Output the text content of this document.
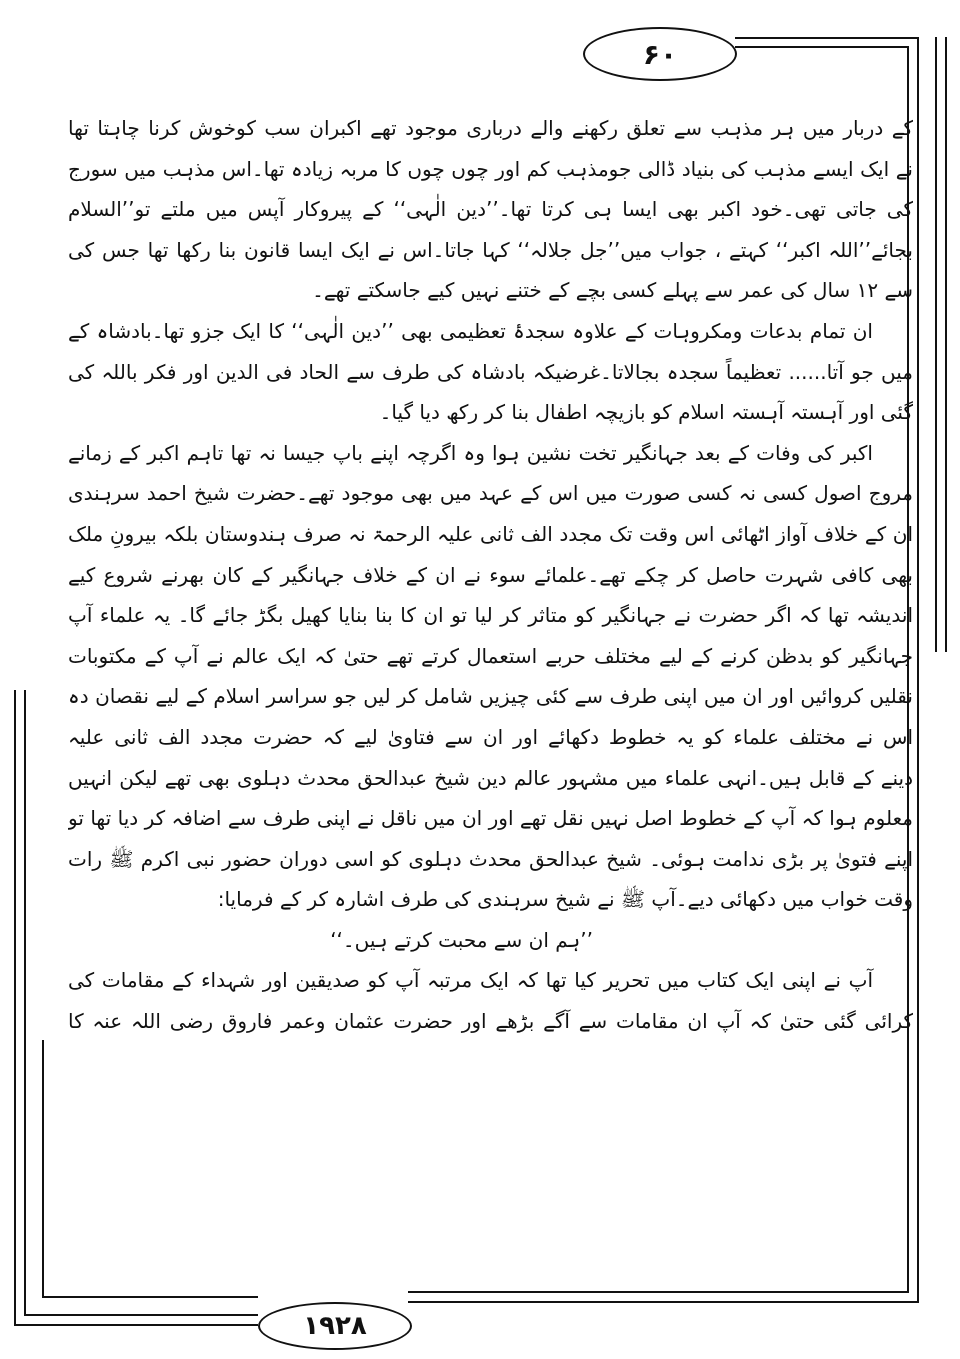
۶۰
۱۹۲۸
کے دربار میں ہر مذہب سے تعلق رکھنے والے درباری موجود تھے اکبران سب کوخوش کرنا چاہتا تھا
نے ایک ایسے مذہب کی بنیاد ڈالی جومذہب کم اور چوں چوں کا مربہ زیادہ تھا۔اس مذہب میں سورج
کی جاتی تھی۔خود اکبر بھی ایسا ہی کرتا تھا۔’’دین الٰہی‘‘ کے پیروکار آپس میں ملتے تو’’السلام
بجائے’’اللہ اکبر‘‘ کہتے ، جواب میں’’جل جلالہ‘‘ کہا جاتا۔اس نے ایک ایسا قانون بنا رکھا تھا جس کی
سے ۱۲ سال کی عمر سے پہلے کسی بچے کے ختنے نہیں کیے جاسکتے تھے۔
ان تمام بدعات ومکروہات کے علاوہ سجدۂ تعظیمی بھی ’’دین الٰہی‘‘ کا ایک جزو تھا۔بادشاہ کے
میں جو آتا...... تعظیماً سجدہ بجالاتا۔غرضیکہ بادشاہ کی طرف سے الحاد فی الدین اور فکر باللہ کی
گئی اور آہستہ آہستہ اسلام کو بازیچہ اطفال بنا کر رکھ دیا گیا۔
اکبر کی وفات کے بعد جہانگیر تخت نشین ہوا وہ اگرچہ اپنے باپ جیسا نہ تھا تاہم اکبر کے زمانے
مروج اصول کسی نہ کسی صورت میں اس کے عہد میں بھی موجود تھے۔حضرت شیخ احمد سرہندی
ان کے خلاف آواز اٹھائی اس وقت تک مجدد الف ثانی علیہ الرحمۃ نہ صرف ہندوستان بلکہ بیرونِ ملک
بھی کافی شہرت حاصل کر چکے تھے۔علمائے سوء نے ان کے خلاف جہانگیر کے کان بھرنے شروع کیے
اندیشہ تھا کہ اگر حضرت نے جہانگیر کو متاثر کر لیا تو ان کا بنا بنایا کھیل بگڑ جائے گا۔ یہ علماء آپ
جہانگیر کو بدظن کرنے کے لیے مختلف حربے استعمال کرتے تھے حتیٰ کہ ایک عالم نے آپ کے مکتوبات
نقلیں کروائیں اور ان میں اپنی طرف سے کئی چیزیں شامل کر لیں جو سراسر اسلام کے لیے نقصان دہ
اس نے مختلف علماء کو یہ خطوط دکھائے اور ان سے فتاویٰ لیے کہ حضرت مجدد الف ثانی علیہ
دینے کے قابل ہیں۔انہی علماء میں مشہور عالم دین شیخ عبدالحق محدث دہلوی بھی تھے لیکن انہیں
معلوم ہوا کہ آپ کے خطوط اصل نہیں نقل تھے اور ان میں ناقل نے اپنی طرف سے اضافہ کر دیا تھا تو
اپنے فتویٰ پر بڑی ندامت ہوئی۔ شیخ عبدالحق محدث دہلوی کو اسی دوران حضور نبی اکرم ﷺ رات
وقت خواب میں دکھائی دیے۔آپ ﷺ نے شیخ سرہندی کی طرف اشارہ کر کے فرمایا:
’’ہم ان سے محبت کرتے ہیں۔‘‘
آپ نے اپنی ایک کتاب میں تحریر کیا تھا کہ ایک مرتبہ آپ کو صدیقین اور شہداء کے مقامات کی
کرائی گئی حتیٰ کہ آپ ان مقامات سے آگے بڑھے اور حضرت عثمان وعمر فاروق رضی اللہ عنہ کا
